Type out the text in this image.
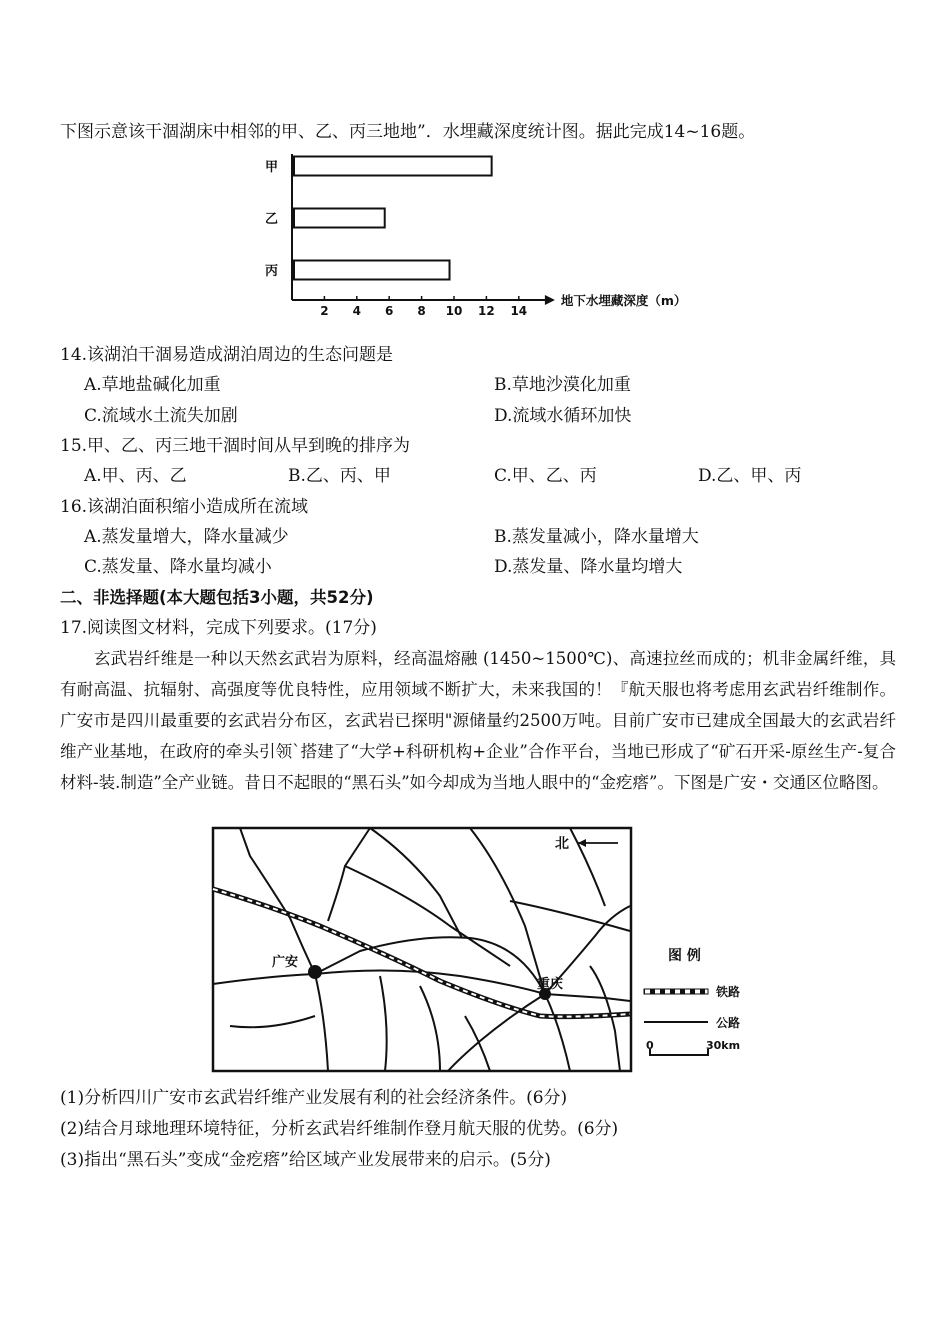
下图示意该干涸湖床中相邻的甲、乙、丙三地地”．水埋藏深度统计图。据此完成14~16题。
甲
乙
丙
2 4 6 8 10 12 14
地下水埋藏深度（m）
14.该湖泊干涸易造成湖泊周边的生态问题是
A.草地盐碱化加重	B.草地沙漠化加重
C.流域水土流失加剧	D.流域水循环加快
15.甲、乙、丙三地干涸时间从早到晚的排序为
A.甲、丙、乙	B.乙、丙、甲	C.甲、乙、丙	D.乙、甲、丙
16.该湖泊面积缩小造成所在流域
A.蒸发量增大，降水量减少	B.蒸发量减小，降水量增大
C.蒸发量、降水量均减小	D.蒸发量、降水量均增大
二、非选择题(本大题包括3小题，共52分)
17.阅读图文材料，完成下列要求。(17分)
玄武岩纤维是一种以天然玄武岩为原料，经高温熔融 (1450~1500℃)、高速拉丝而成的；机非金属纤维，具有耐高温、抗辐射、高强度等优良特性，应用领域不断扩大，未来我国的！『航天服也将考虑用玄武岩纤维制作。广安市是四川最重要的玄武岩分布区，玄武岩已探明"源储量约2500万吨。目前广安市已建成全国最大的玄武岩纤维产业基地，在政府的牵头引领`搭建了“大学+科研机构+企业”合作平台，当地已形成了“矿石开采-原丝生产-复合材料-装.制造”全产业链。昔日不起眼的“黑石头”如今却成为当地人眼中的“金疙瘩”。下图是广安・交通区位略图。
广安
重庆
北
图 例
铁路
公路
0	30km
(1)分析四川广安市玄武岩纤维产业发展有利的社会经济条件。(6分)
(2)结合月球地理环境特征，分析玄武岩纤维制作登月航天服的优势。(6分)
(3)指出“黑石头”变成“金疙瘩”给区域产业发展带来的启示。(5分)
